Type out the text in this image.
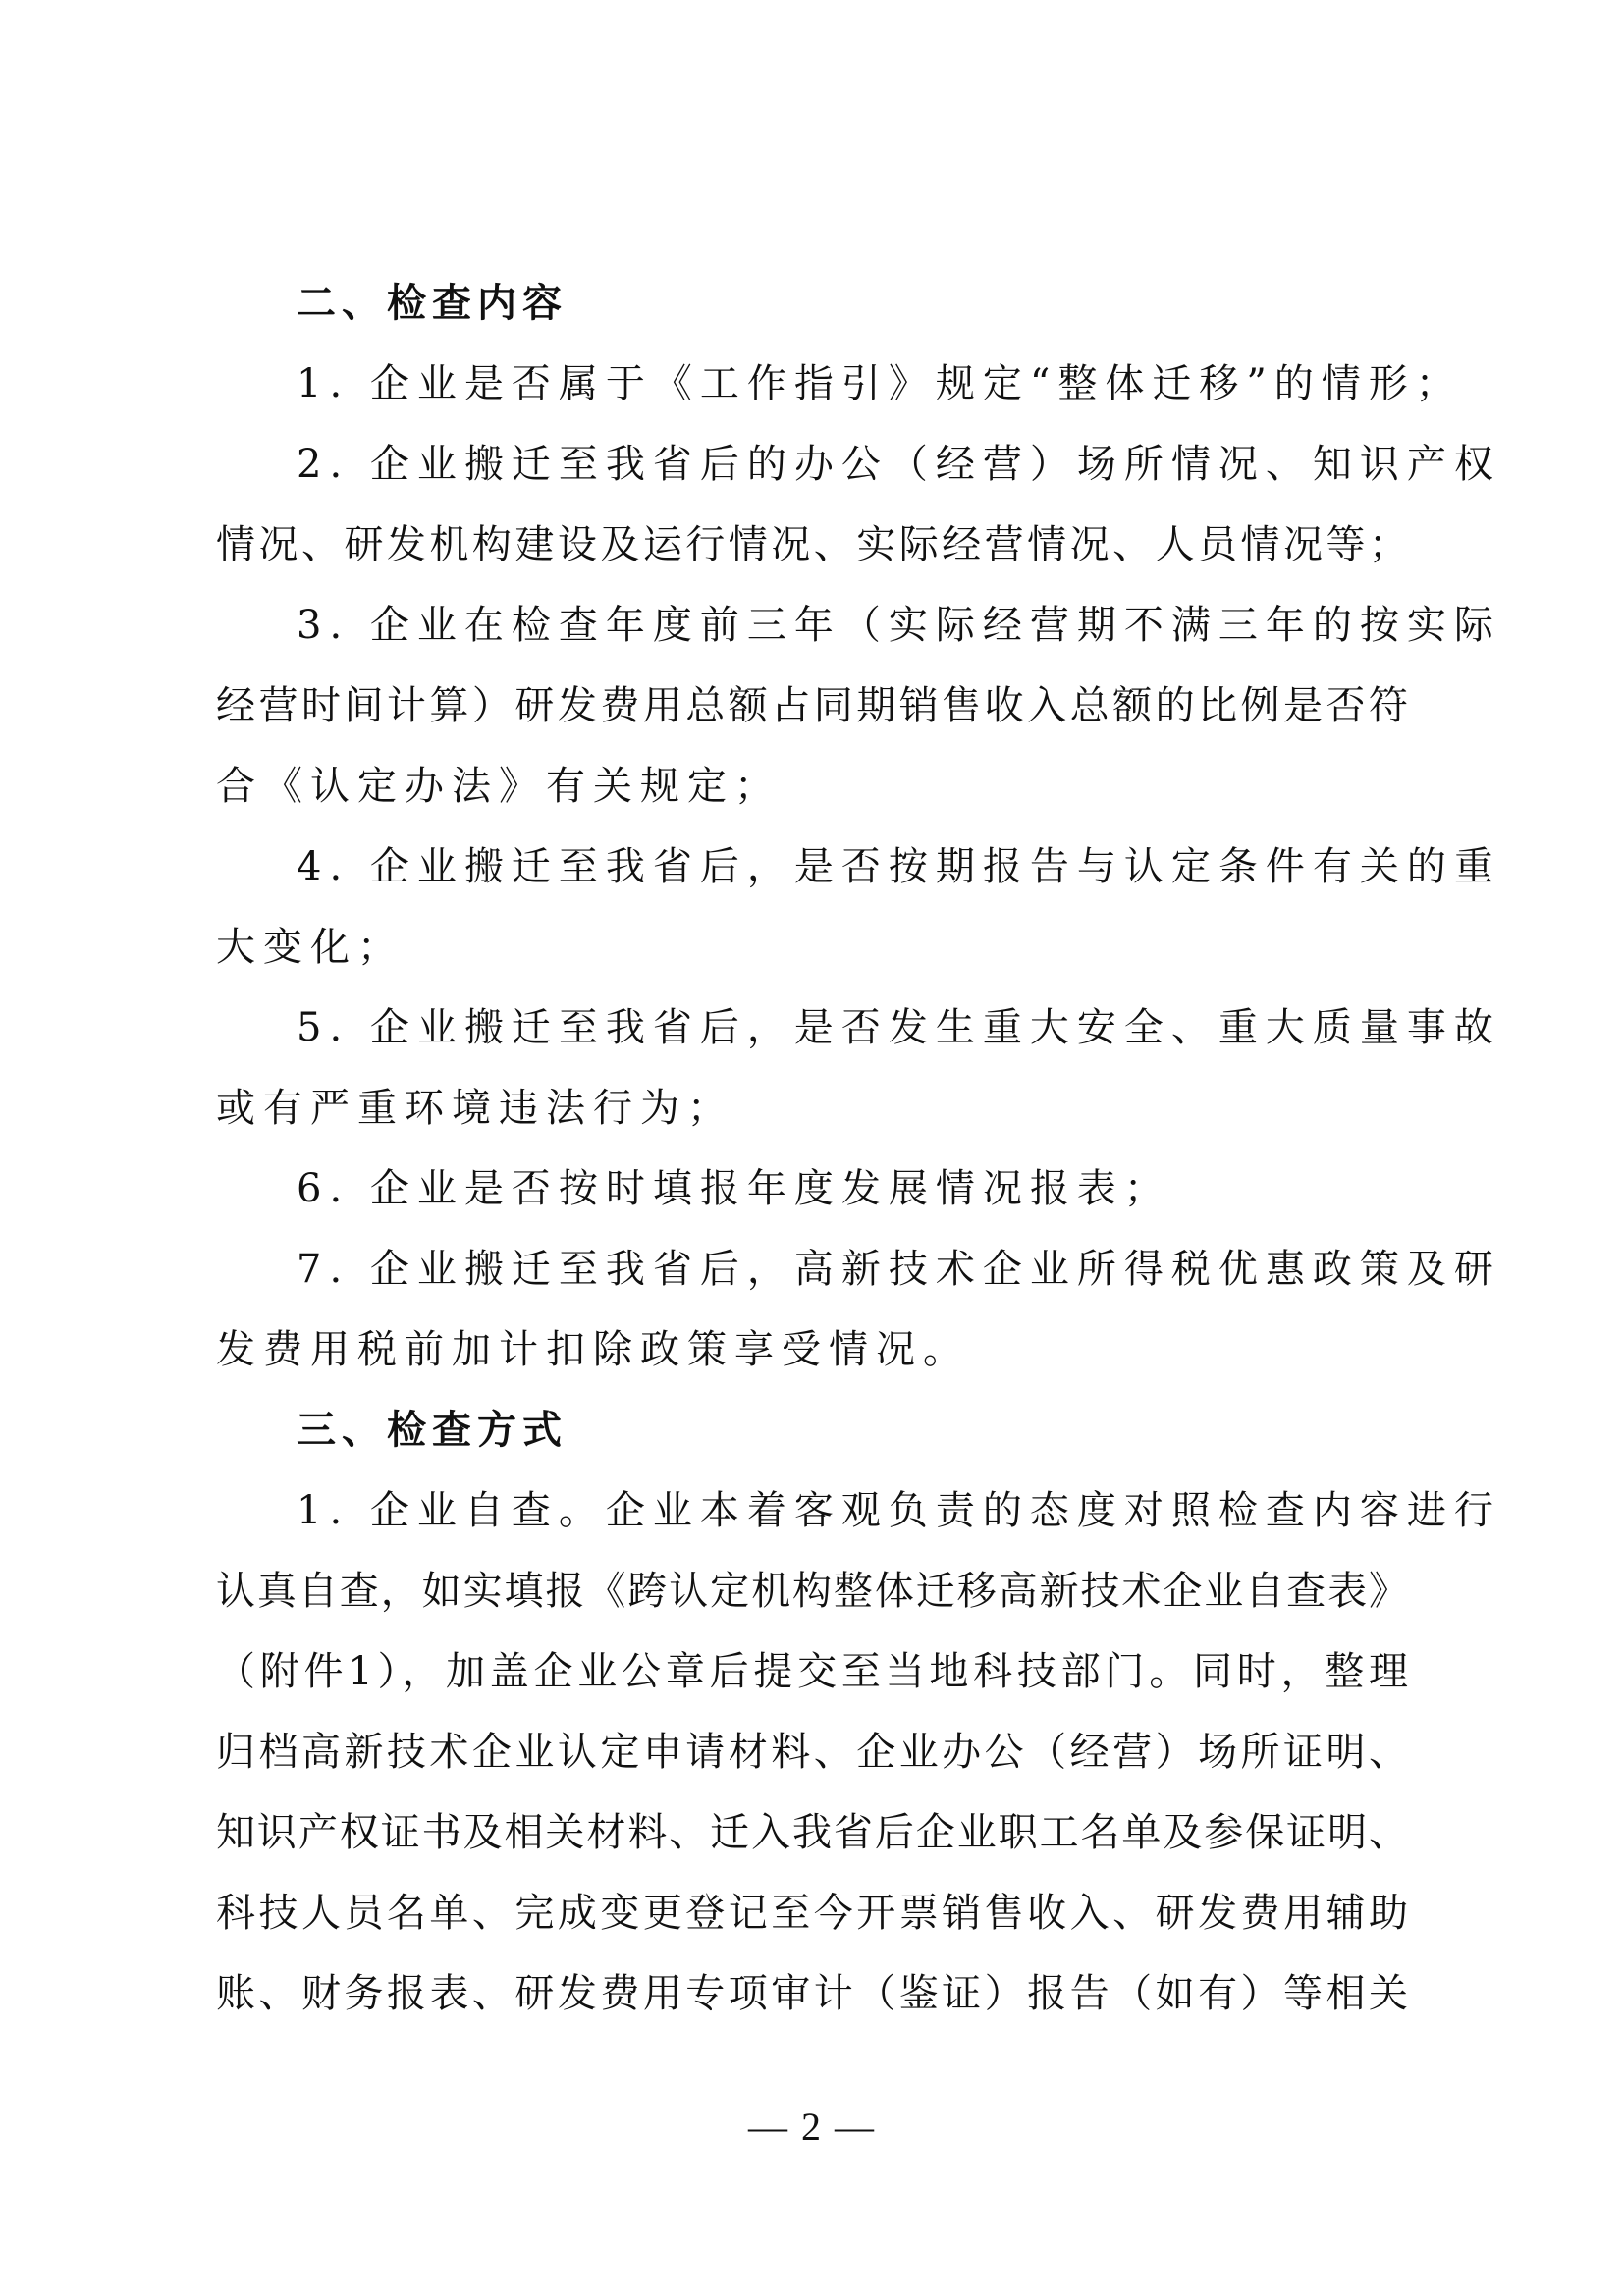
二、检查内容
1. 企业是否属于《工作指引》规定“整体迁移”的情形；
2. 企业搬迁至我省后的办公（经营）场所情况、知识产权
情况、研发机构建设及运行情况、实际经营情况、人员情况等；
3. 企业在检查年度前三年（实际经营期不满三年的按实际
经营时间计算）研发费用总额占同期销售收入总额的比例是否符
合《认定办法》有关规定；
4. 企业搬迁至我省后，是否按期报告与认定条件有关的重
大变化；
5. 企业搬迁至我省后，是否发生重大安全、重大质量事故
或有严重环境违法行为；
6. 企业是否按时填报年度发展情况报表；
7. 企业搬迁至我省后，高新技术企业所得税优惠政策及研
发费用税前加计扣除政策享受情况。
三、检查方式
1. 企业自查。企业本着客观负责的态度对照检查内容进行
认真自查，如实填报《跨认定机构整体迁移高新技术企业自查表》
（附件1），加盖企业公章后提交至当地科技部门。同时，整理
归档高新技术企业认定申请材料、企业办公（经营）场所证明、
知识产权证书及相关材料、迁入我省后企业职工名单及参保证明、
科技人员名单、完成变更登记至今开票销售收入、研发费用辅助
账、财务报表、研发费用专项审计（鉴证）报告（如有）等相关
— 2 —
